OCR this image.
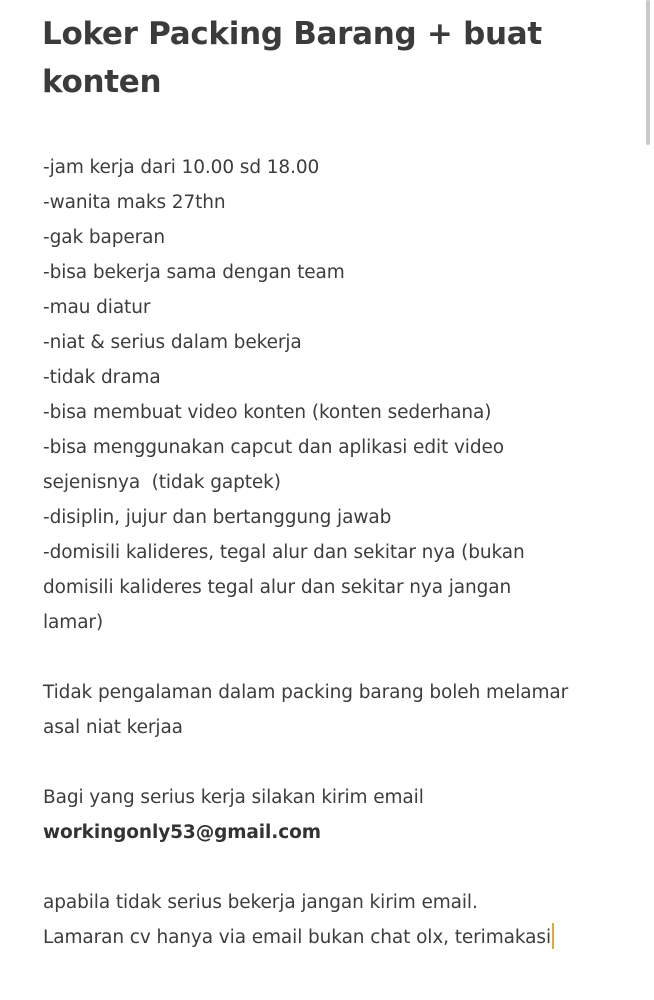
Loker Packing Barang + buat konten
-jam kerja dari 10.00 sd 18.00
-wanita maks 27thn
-gak baperan
-bisa bekerja sama dengan team
-mau diatur
-niat & serius dalam bekerja
-tidak drama
-bisa membuat video konten (konten sederhana)
-bisa menggunakan capcut dan aplikasi edit video
sejenisnya  (tidak gaptek)
-disiplin, jujur dan bertanggung jawab
-domisili kalideres, tegal alur dan sekitar nya (bukan
domisili kalideres tegal alur dan sekitar nya jangan
lamar)
Tidak pengalaman dalam packing barang boleh melamar
asal niat kerjaa
Bagi yang serius kerja silakan kirim email
workingonly53@gmail.com
apabila tidak serius bekerja jangan kirim email.
Lamaran cv hanya via email bukan chat olx, terimakasi
